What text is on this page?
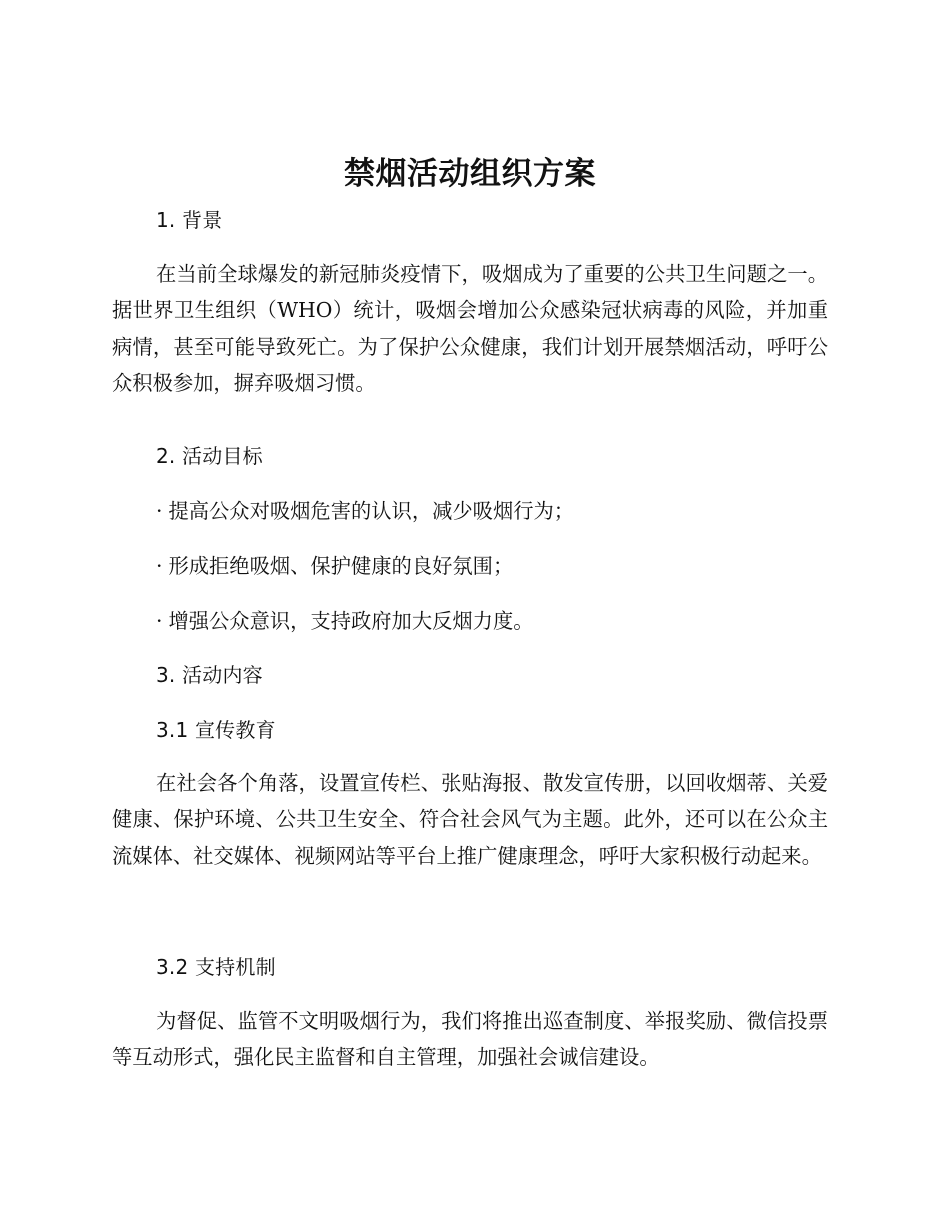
禁烟活动组织方案
1. 背景

在当前全球爆发的新冠肺炎疫情下，吸烟成为了重要的公共卫生问题之一。据世界卫生组织（WHO）统计，吸烟会增加公众感染冠状病毒的风险，并加重病情，甚至可能导致死亡。为了保护公众健康，我们计划开展禁烟活动，呼吁公众积极参加，摒弃吸烟习惯。

2. 活动目标

· 提高公众对吸烟危害的认识，减少吸烟行为；

· 形成拒绝吸烟、保护健康的良好氛围；

· 增强公众意识，支持政府加大反烟力度。

3. 活动内容
3.1 宣传教育

在社会各个角落，设置宣传栏、张贴海报、散发宣传册，以回收烟蒂、关爱健康、保护环境、公共卫生安全、符合社会风气为主题。此外，还可以在公众主流媒体、社交媒体、视频网站等平台上推广健康理念，呼吁大家积极行动起来。

3.2 支持机制

为督促、监管不文明吸烟行为，我们将推出巡查制度、举报奖励、微信投票等互动形式，强化民主监督和自主管理，加强社会诚信建设。
